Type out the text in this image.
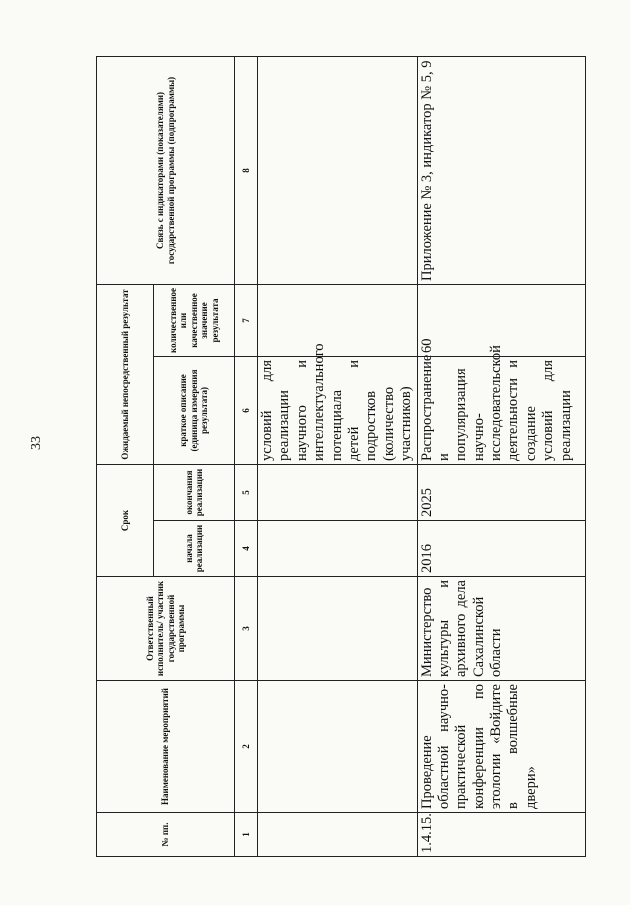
33
№ пп.	Наименование мероприятий	Ответственный исполнитель/ участник государственной программы	Срок		Ожидаемый непосредственный результат		Связь с индикаторами (показателями) государственной программы (подпрограммы)
			начала реализации	окончания реализации	краткое описание (единица измерения результата)	количественное или качественное значение результата	
1	2	3	4	5	6	7	8
					условий для реализации научного и интеллектуального потенциала детей и подростков (количество участников)		
1.4.15.	Проведение областной научно-практической конференции по этологии «Войдите в волшебные двери»	Министерство культуры и архивного дела Сахалинской области	2016	2025	Распространение и популяризация научно-исследовательской деятельности и создание условий для реализации	60	Приложение № 3, индикатор № 5, 9
